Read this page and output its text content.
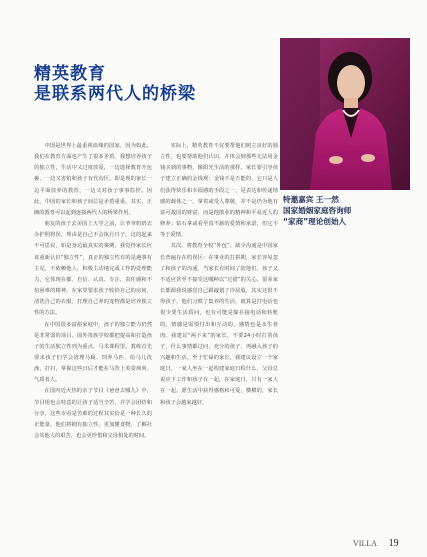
精英教育
是联系两代人的桥梁
特邀嘉宾 王一然
国家婚姻家庭咨询师
“家商”理论创始人

中国是世界上最重视血缘的国家，因为如此，我们在教育方面也产生了很多矛盾。我想培养孩子的独立性，生活中又过度放爱，一边选择教育升包裹，一边又害怕和孩子有代沟区。即是现的家长一边平面放养的教育，一边又对孩子事事监控。因此，中国的家长和孩子间总是矛盾重重。其实，正确的教育可以起到连接两代人的桥梁作用。

朋友的孩子去美国上大学之前，让爷爷奶奶去办护照将误，理由是自己不会执行日子。这的起来不可思议，如是身边最真实的案例，我觉得家长应该重新认识“独立性”，真正的独立性有的是遇事有主见，不依赖他人，积极主动地完成工作的处理能力，它体现在都、自信、认真、专注，责任感和不怕困难的精神。在家里要求孩子收拾自己的房间，清洗自己的衣服，打理自己养的宠物都是培养独立性的方法。

在中国很多富裕家庭中，孩子的独立能力仍然是非常弱的项目。国外贵族学校都把提高和打造孩子的生活独立性列为重点，马术课程里，教练首先要求孩子们学会清理马厩、饲养马匹、给马儿洗澡、打扫，掌握这些日后才能在马背上英姿飒爽、气质者人。

在国内近火热的亲子节目《爸爸去哪儿》中，节目组也会特意的让孩子适当辛苦，并学会团结和分享，这些专看是苦难的过程其实恰是一种长久的正能量，他们将拥有独立性，更加懂食物，了解社会其他人的艰苦，也会更珍惜和父母相处的时间。

实际上，精英教育不仅要帮他们树立良好的独立性，也要帮助他们认识，并体会到那些无法用金钱买到的事物，像阳光生活的那样。家长要引导孩子建立正确的金钱观：金钱不是万能的，它只是人们获得快乐和幸福感的手段之一，是表达和传递情感的载体之一，拿着或受人尊敬，并不是仍为他有富可敌国的财富，而是他散业的精神和平易近人的修养；钻石拿或看至真不渝的爱情和承诺，但它不等于爱情。

其次，将教育全校“外包”，缺少沟通是中国家长普遍存在的误区：在事业的打拼期，家长容易忽了和孩子的沟通，当家长有时间了陪他们，孩子又不适应甚至不接受这哪种以“过错”的关心。很多家长都源我说感觉自己跟敲划了冷屁股，其实这很不得孩子，他们习惯了集养的生活，就算是打电话也很少要生活质问，也有可能是躲在接电话和转账的，情感是需要付出和互动的，感情也是亲生骨肉。我建议“两下来”的家长，不要24小时打着孩子，什么事情都过问，充分的孩子，再融入孩子的兴趣和生活。至于忙碌的家长，我建议设立一个家庭日，一家人坐在一起构建家庭日程什么，父母总说应下工作和孩子在一起，在家庭日，只有一家人在一起。愿生活中获得感格和可爱，横横的，家长和孩子会越来越好。

VILLA 19
